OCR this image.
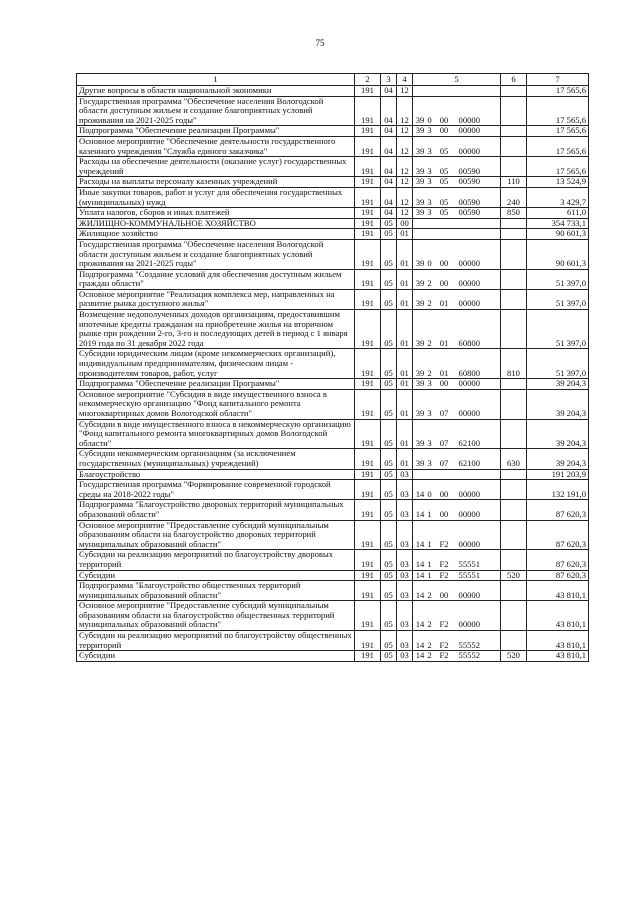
75
1	2	3	4	5	6	7
Другие вопросы в области национальной экономики	191	04	12			17 565,6
Государственная программа "Обеспечение населения Вологодской области доступным жильем и создание благоприятных условий проживания на 2021-2025 годы"	191	04	12	39 0 00 00000		17 565,6
Подпрограмма "Обеспечение реализации Программы"	191	04	12	39 3 00 00000		17 565,6
Основное мероприятие "Обеспечение деятельности государственного казенного учреждения "Служба единого заказчика"	191	04	12	39 3 05 00000		17 565,6
Расходы на обеспечение деятельности (оказание услуг) государственных учреждений	191	04	12	39 3 05 00590		17 565,6
Расходы на выплаты персоналу казенных учреждений	191	04	12	39 3 05 00590	110	13 524,9
Иные закупки товаров, работ и услуг для обеспечения государственных (муниципальных) нужд	191	04	12	39 3 05 00590	240	3 429,7
Уплата налогов, сборов и иных платежей	191	04	12	39 3 05 00590	850	611,0
ЖИЛИЩНО-КОММУНАЛЬНОЕ ХОЗЯЙСТВО	191	05	00			354 733,1
Жилищное хозяйство	191	05	01			90 601,3
Государственная программа "Обеспечение населения Вологодской области доступным жильем и создание благоприятных условий проживания на 2021-2025 годы"	191	05	01	39 0 00 00000		90 601,3
Подпрограмма "Создание условий для обеспечения доступным жильем граждан области"	191	05	01	39 2 00 00000		51 397,0
Основное мероприятие "Реализация комплекса мер, направленных на развитие рынка доступного жилья"	191	05	01	39 2 01 00000		51 397,0
Возмещение недополученных доходов организациям, предоставившим ипотечные кредиты гражданам на приобретение жилья на вторичном рынке при рождении 2-го, 3-го и последующих детей в период с 1 января 2019 года по 31 декабря 2022 года	191	05	01	39 2 01 60800		51 397,0
Субсидии юридическим лицам (кроме некоммерческих организаций), индивидуальным предпринимателям, физическим лицам - производителям товаров, работ, услуг	191	05	01	39 2 01 60800	810	51 397,0
Подпрограмма "Обеспечение реализации Программы"	191	05	01	39 3 00 00000		39 204,3
Основное мероприятие "Субсидия в виде имущественного взноса в некоммерческую организацию "Фонд капитального ремонта многоквартирных домов Вологодской области"	191	05	01	39 3 07 00000		39 204,3
Субсидии в виде имущественного взноса в некоммерческую организацию "Фонд капитального ремонта многоквартирных домов Вологодской области"	191	05	01	39 3 07 62100		39 204,3
Субсидии некоммерческим организациям (за исключением государственных (муниципальных) учреждений)	191	05	01	39 3 07 62100	630	39 204,3
Благоустройство	191	05	03			191 203,9
Государственная программа "Формирование современной городской среды на 2018-2022 годы"	191	05	03	14 0 00 00000		132 191,0
Подпрограмма "Благоустройство дворовых территорий муниципальных образований области"	191	05	03	14 1 00 00000		87 620,3
Основное мероприятие "Предоставление субсидий муниципальным образованиям области на благоустройство дворовых территорий муниципальных образований области"	191	05	03	14 1 F2 00000		87 620,3
Субсидии на реализацию мероприятий по благоустройству дворовых территорий	191	05	03	14 1 F2 55551		87 620,3
Субсидии	191	05	03	14 1 F2 55551	520	87 620,3
Подпрограмма "Благоустройство общественных территорий муниципальных образований области"	191	05	03	14 2 00 00000		43 810,1
Основное мероприятие "Предоставление субсидий муниципальным образованиям области на благоустройство общественных территорий муниципальных образований области"	191	05	03	14 2 F2 00000		43 810,1
Субсидии на реализацию мероприятий по благоустройству общественных территорий	191	05	03	14 2 F2 55552		43 810,1
Субсидии	191	05	03	14 2 F2 55552	520	43 810,1
